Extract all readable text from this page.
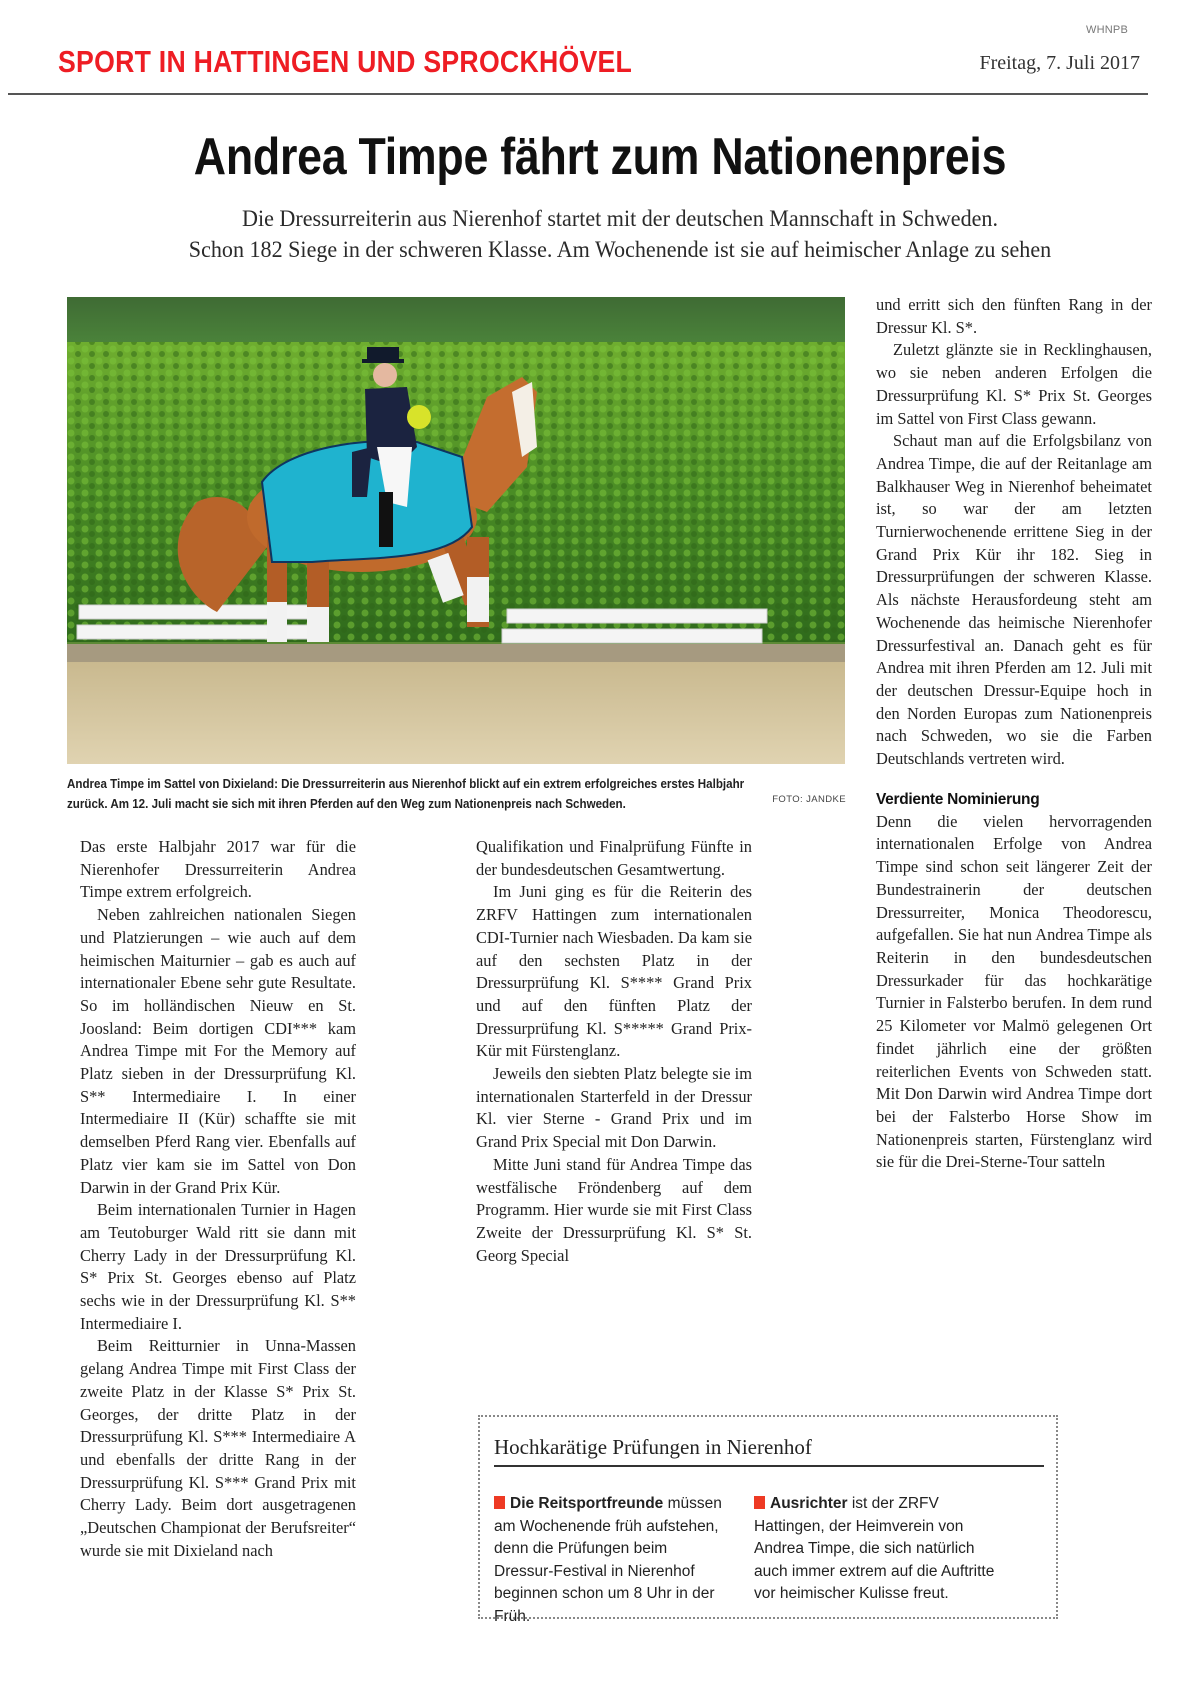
WHNPB
SPORT IN HATTINGEN UND SPROCKHÖVEL	Freitag, 7. Juli 2017
Andrea Timpe fährt zum Nationenpreis
Die Dressurreiterin aus Nierenhof startet mit der deutschen Mannschaft in Schweden.
Schon 182 Siege in der schweren Klasse. Am Wochenende ist sie auf heimischer Anlage zu sehen
Andrea Timpe im Sattel von Dixieland: Die Dressurreiterin aus Nierenhof blickt auf ein extrem erfolgreiches erstes Halbjahr
zurück. Am 12. Juli macht sie sich mit ihren Pferden auf den Weg zum Nationenpreis nach Schweden.	FOTO: JANDKE

Das erste Halbjahr 2017 war für die Nierenhofer Dressurreiterin Andrea Timpe extrem erfolgreich.

Neben zahlreichen nationalen Siegen und Platzierungen – wie auch auf dem heimischen Maiturnier – gab es auch auf internationaler Ebene sehr gute Resultate. So im holländischen Nieuw en St. Joosland: Beim dortigen CDI*** kam Andrea Timpe mit For the Memory auf Platz sieben in der Dressurprüfung Kl. S** Intermediaire I. In einer Intermediaire II (Kür) schaffte sie mit demselben Pferd Rang vier. Ebenfalls auf Platz vier kam sie im Sattel von Don Darwin in der Grand Prix Kür.

Beim internationalen Turnier in Hagen am Teutoburger Wald ritt sie dann mit Cherry Lady in der Dressurprüfung Kl. S* Prix St. Georges ebenso auf Platz sechs wie in der Dressurprüfung Kl. S** Intermediaire I.

Beim Reitturnier in Unna-Massen gelang Andrea Timpe mit First Class der zweite Platz in der Klasse S* Prix St. Georges, der dritte Platz in der Dressurprüfung Kl. S*** Intermediaire A und ebenfalls der dritte Rang in der Dressurprüfung Kl. S*** Grand Prix mit Cherry Lady. Beim dort ausgetragenen „Deutschen Championat der Berufsreiter“ wurde sie mit Dixieland nach

Qualifikation und Finalprüfung Fünfte in der bundesdeutschen Gesamtwertung.

Im Juni ging es für die Reiterin des ZRFV Hattingen zum internationalen CDI-Turnier nach Wiesbaden. Da kam sie auf den sechsten Platz in der Dressurprüfung Kl. S**** Grand Prix und auf den fünften Platz der Dressurprüfung Kl. S***** Grand Prix-Kür mit Fürstenglanz.

Jeweils den siebten Platz belegte sie im internationalen Starterfeld in der Dressur Kl. vier Sterne - Grand Prix und im Grand Prix Special mit Don Darwin.

Mitte Juni stand für Andrea Timpe das westfälische Fröndenberg auf dem Programm. Hier wurde sie mit First Class Zweite der Dressurprüfung Kl. S* St. Georg Special

und erritt sich den fünften Rang in der Dressur Kl. S*.

Zuletzt glänzte sie in Recklinghausen, wo sie neben anderen Erfolgen die Dressurprüfung Kl. S* Prix St. Georges im Sattel von First Class gewann.

Schaut man auf die Erfolgsbilanz von Andrea Timpe, die auf der Reitanlage am Balkhauser Weg in Nierenhof beheimatet ist, so war der am letzten Turnierwochenende errittene Sieg in der Grand Prix Kür ihr 182. Sieg in Dressurprüfungen der schweren Klasse. Als nächste Herausfordeung steht am Wochenende das heimische Nierenhofer Dressurfestival an. Danach geht es für Andrea mit ihren Pferden am 12. Juli mit der deutschen Dressur-Equipe hoch in den Norden Europas zum Nationenpreis nach Schweden, wo sie die Farben Deutschlands vertreten wird.

Verdiente Nominierung

Denn die vielen hervorragenden internationalen Erfolge von Andrea Timpe sind schon seit längerer Zeit der Bundestrainerin der deutschen Dressurreiter, Monica Theodorescu, aufgefallen. Sie hat nun Andrea Timpe als Reiterin in den bundesdeutschen Dressurkader für das hochkarätige Turnier in Falsterbo berufen. In dem rund 25 Kilometer vor Malmö gelegenen Ort findet jährlich eine der größten reiterlichen Events von Schweden statt. Mit Don Darwin wird Andrea Timpe dort bei der Falsterbo Horse Show im Nationenpreis starten, Fürstenglanz wird sie für die Drei-Sterne-Tour satteln

Hochkarätige Prüfungen in Nierenhof
Die Reitsportfreunde müssen am Wochenende früh aufstehen, denn die Prüfungen beim Dressur-Festival in Nierenhof beginnen schon um 8 Uhr in der Früh.
Ausrichter ist der ZRFV Hattingen, der Heimverein von Andrea Timpe, die sich natürlich auch immer extrem auf die Auftritte vor heimischer Kulisse freut.
